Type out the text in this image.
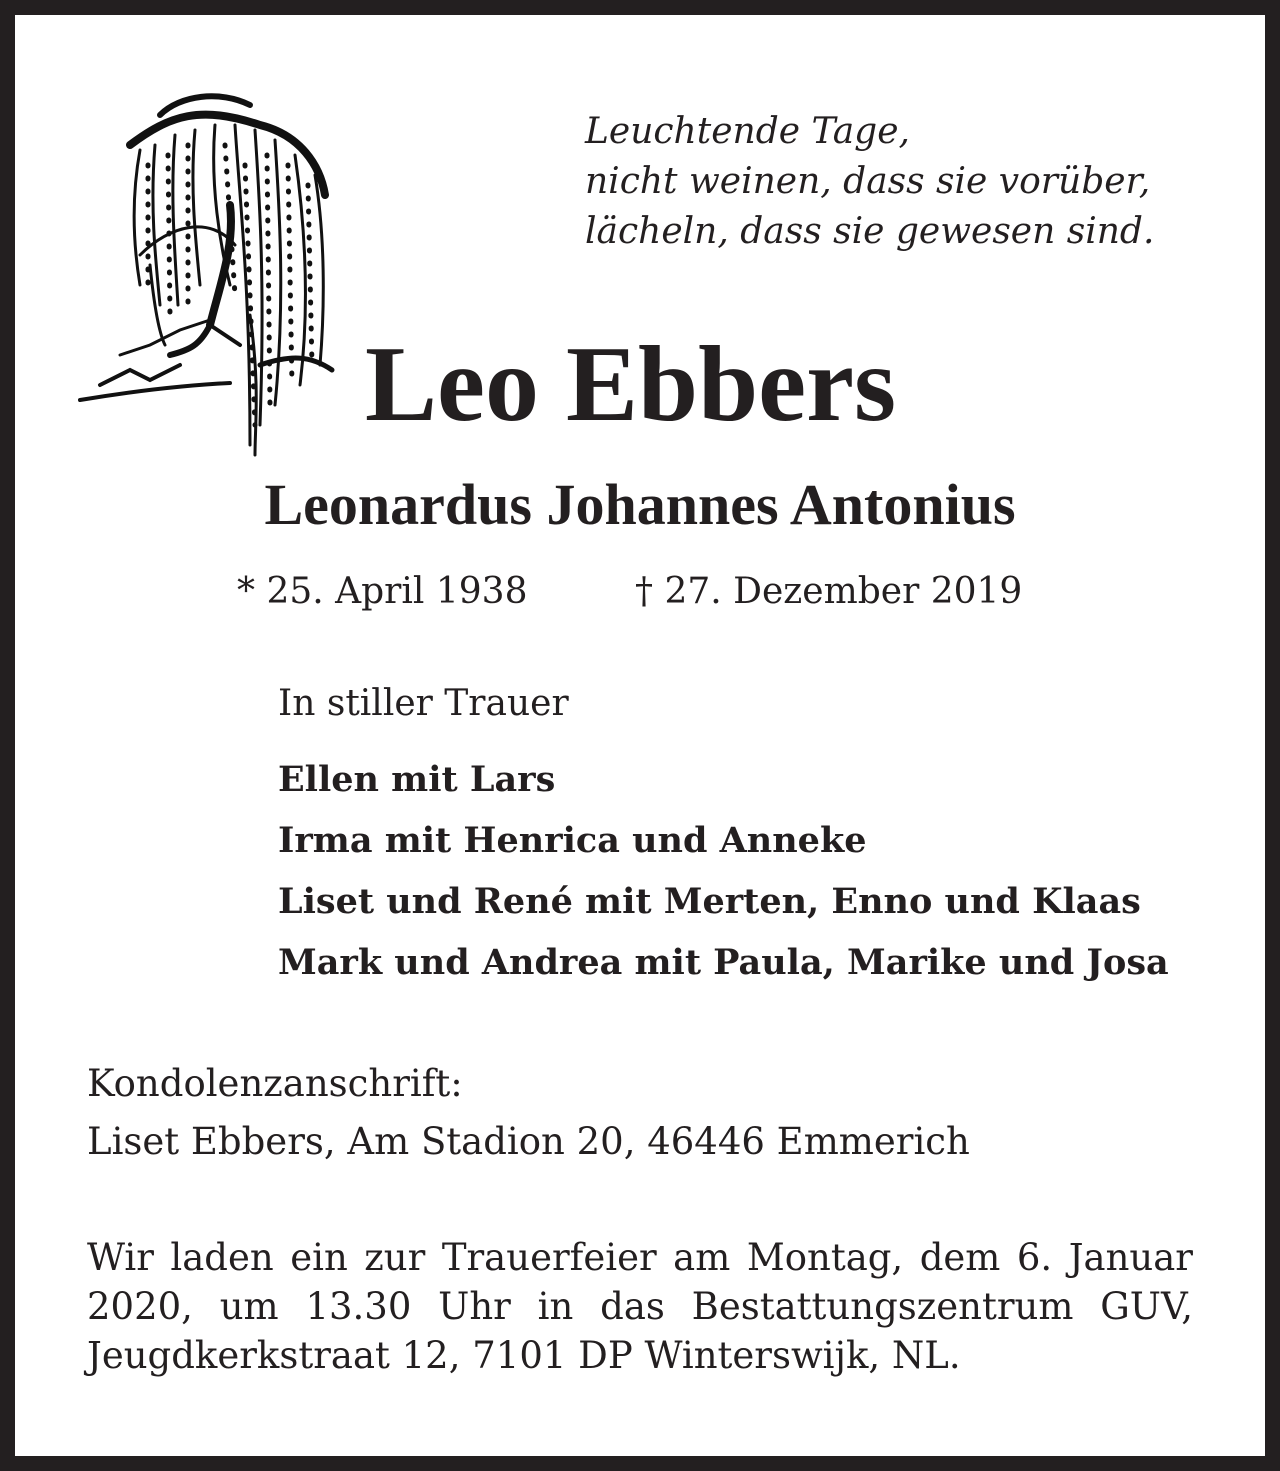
Leuchtende Tage,
nicht weinen, dass sie vorüber,
lächeln, dass sie gewesen sind.
Leo Ebbers
Leonardus Johannes Antonius
* 25. April 1938	† 27. Dezember 2019
In stiller Trauer
Ellen mit Lars
Irma mit Henrica und Anneke
Liset und René mit Merten, Enno und Klaas
Mark und Andrea mit Paula, Marike und Josa
Kondolenzanschrift:
Liset Ebbers, Am Stadion 20, 46446 Emmerich
Wir laden ein zur Trauerfeier am Montag, dem 6. Januar
2020, um 13.30 Uhr in das Bestattungszentrum GUV,
Jeugdkerkstraat 12, 7101 DP Winterswijk, NL.
